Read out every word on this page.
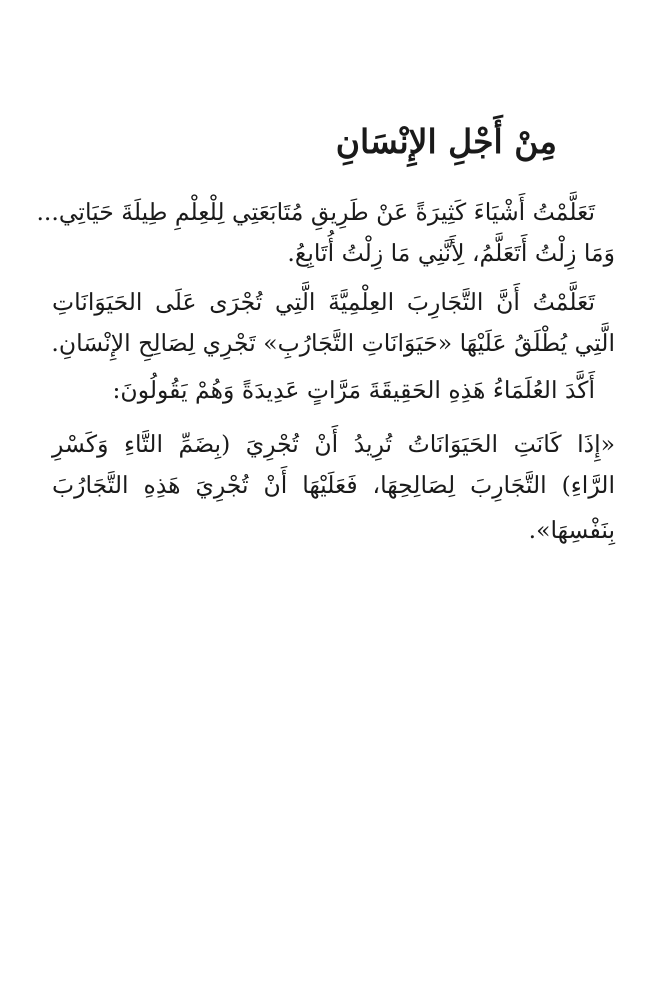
مِنْ أَجْلِ الإِنْسَانِ

تَعَلَّمْتُ أَشْيَاءَ كَثِيرَةً عَنْ طَرِيقِ مُتَابَعَتِي لِلْعِلْمِ طِيلَةَ حَيَاتِي...

وَمَا زِلْتُ أَتَعَلَّمُ، لِأَنَّنِي مَا زِلْتُ أُتَابِعُ.

تَعَلَّمْتُ أَنَّ التَّجَارِبَ العِلْمِيَّةَ الَّتِي تُجْرَى عَلَى الحَيَوَانَاتِ

الَّتِي يُطْلَقُ عَلَيْهَا «حَيَوَانَاتِ التَّجَارُبِ» تَجْرِي لِصَالِحِ الإِنْسَانِ.

أَكَّدَ العُلَمَاءُ هَذِهِ الحَقِيقَةَ مَرَّاتٍ عَدِيدَةً وَهُمْ يَقُولُونَ:

«إِذَا كَانَتِ الحَيَوَانَاتُ تُرِيدُ أَنْ تُجْرِيَ (بِضَمِّ التَّاءِ وَكَسْرِ

الرَّاءِ) التَّجَارِبَ لِصَالِحِهَا، فَعَلَيْهَا أَنْ تُجْرِيَ هَذِهِ التَّجَارُبَ

بِنَفْسِهَا».
